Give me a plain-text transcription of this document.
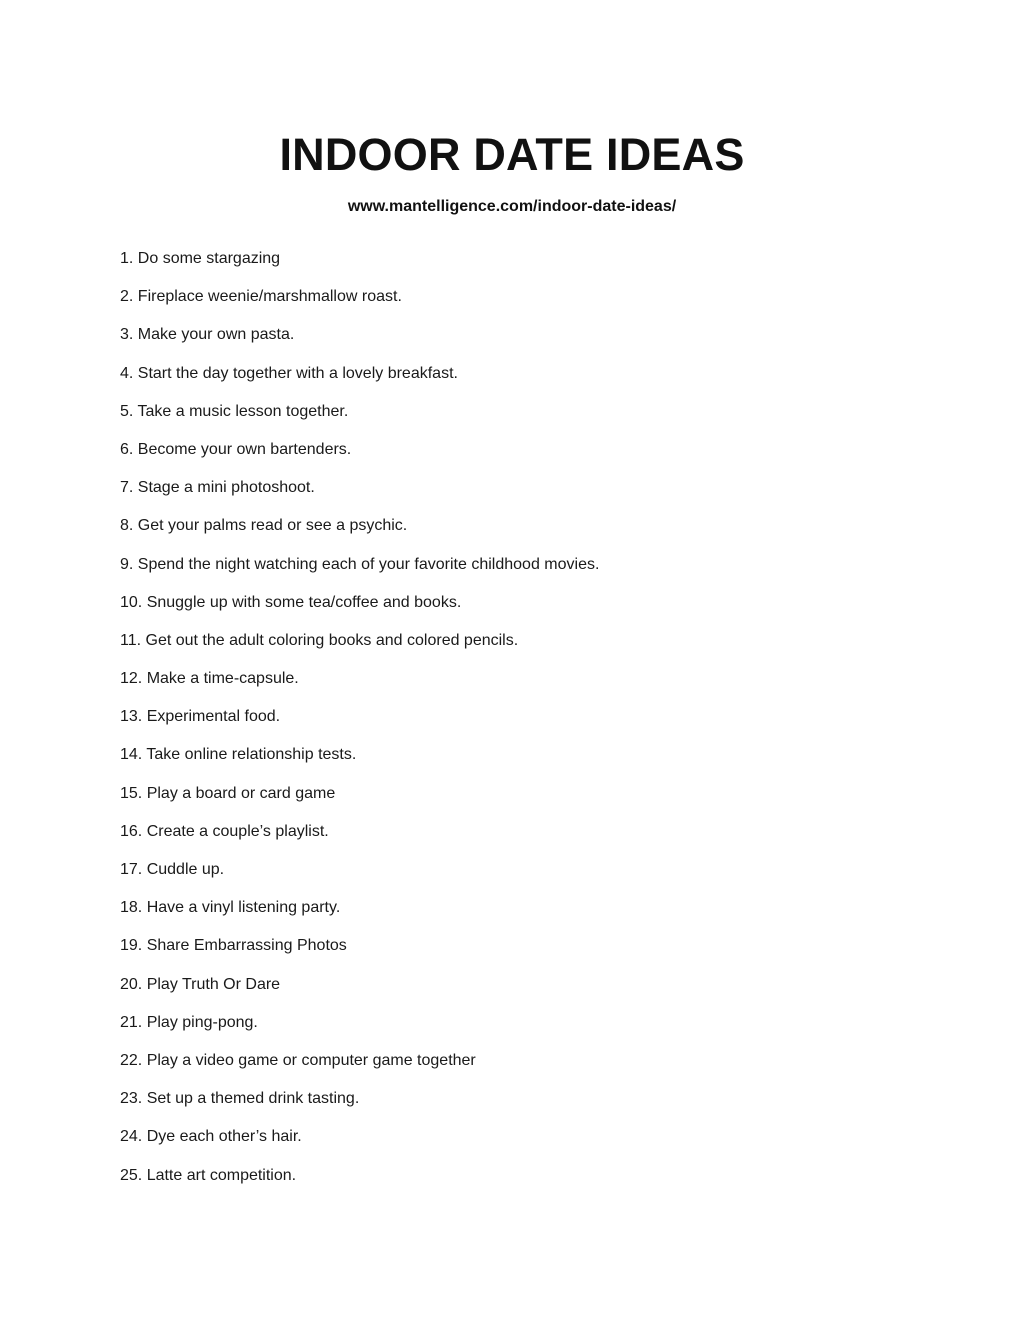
INDOOR DATE IDEAS
www.mantelligence.com/indoor-date-ideas/
1. Do some stargazing
2. Fireplace weenie/marshmallow roast.
3. Make your own pasta.
4. Start the day together with a lovely breakfast.
5. Take a music lesson together.
6. Become your own bartenders.
7. Stage a mini photoshoot.
8. Get your palms read or see a psychic.
9. Spend the night watching each of your favorite childhood movies.
10. Snuggle up with some tea/coffee and books.
11. Get out the adult coloring books and colored pencils.
12. Make a time-capsule.
13. Experimental food.
14. Take online relationship tests.
15. Play a board or card game
16. Create a couple’s playlist.
17. Cuddle up.
18. Have a vinyl listening party.
19. Share Embarrassing Photos
20. Play Truth Or Dare
21. Play ping-pong.
22. Play a video game or computer game together
23. Set up a themed drink tasting.
24. Dye each other’s hair.
25. Latte art competition.
